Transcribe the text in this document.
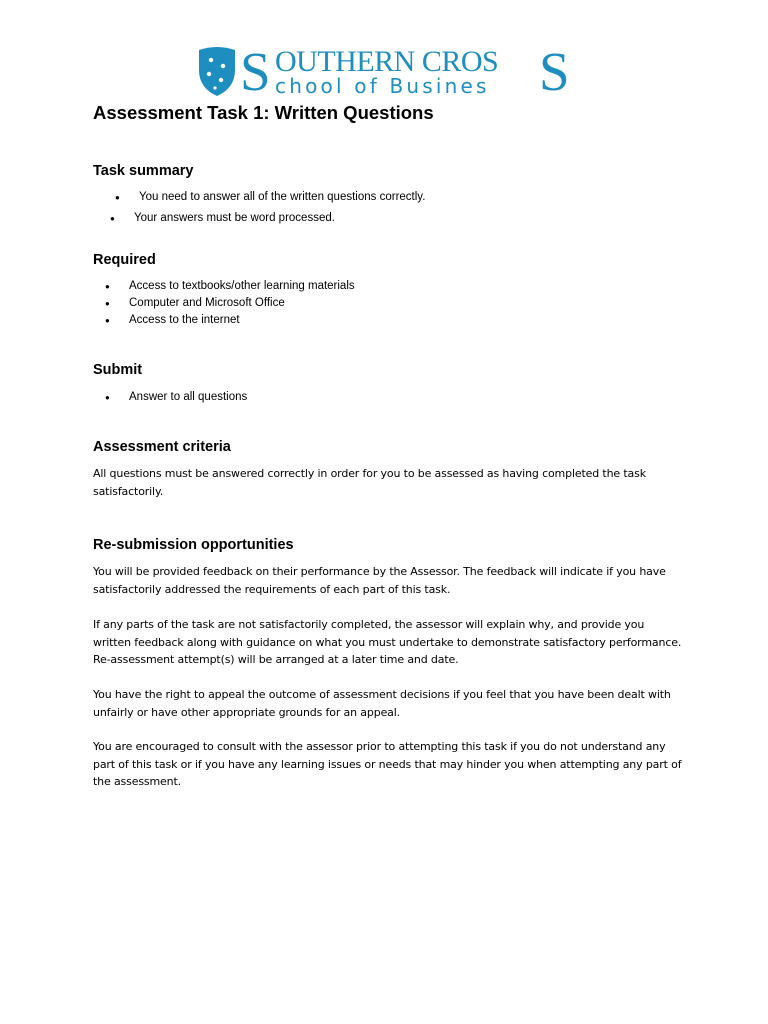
S OUTHERN CROS
chool of Busines S
Assessment Task 1: Written Questions
Task summary
● You need to answer all of the written questions correctly.
● Your answers must be word processed.
Required
● Access to textbooks/other learning materials
● Computer and Microsoft Office
● Access to the internet
Submit
● Answer to all questions
Assessment criteria

All questions must be answered correctly in order for you to be assessed as having completed the task satisfactorily.

Re-submission opportunities

You will be provided feedback on their performance by the Assessor. The feedback will indicate if you have satisfactorily addressed the requirements of each part of this task.

If any parts of the task are not satisfactorily completed, the assessor will explain why, and provide you written feedback along with guidance on what you must undertake to demonstrate satisfactory performance. Re-assessment attempt(s) will be arranged at a later time and date.

You have the right to appeal the outcome of assessment decisions if you feel that you have been dealt with unfairly or have other appropriate grounds for an appeal.

You are encouraged to consult with the assessor prior to attempting this task if you do not understand any part of this task or if you have any learning issues or needs that may hinder you when attempting any part of the assessment.
